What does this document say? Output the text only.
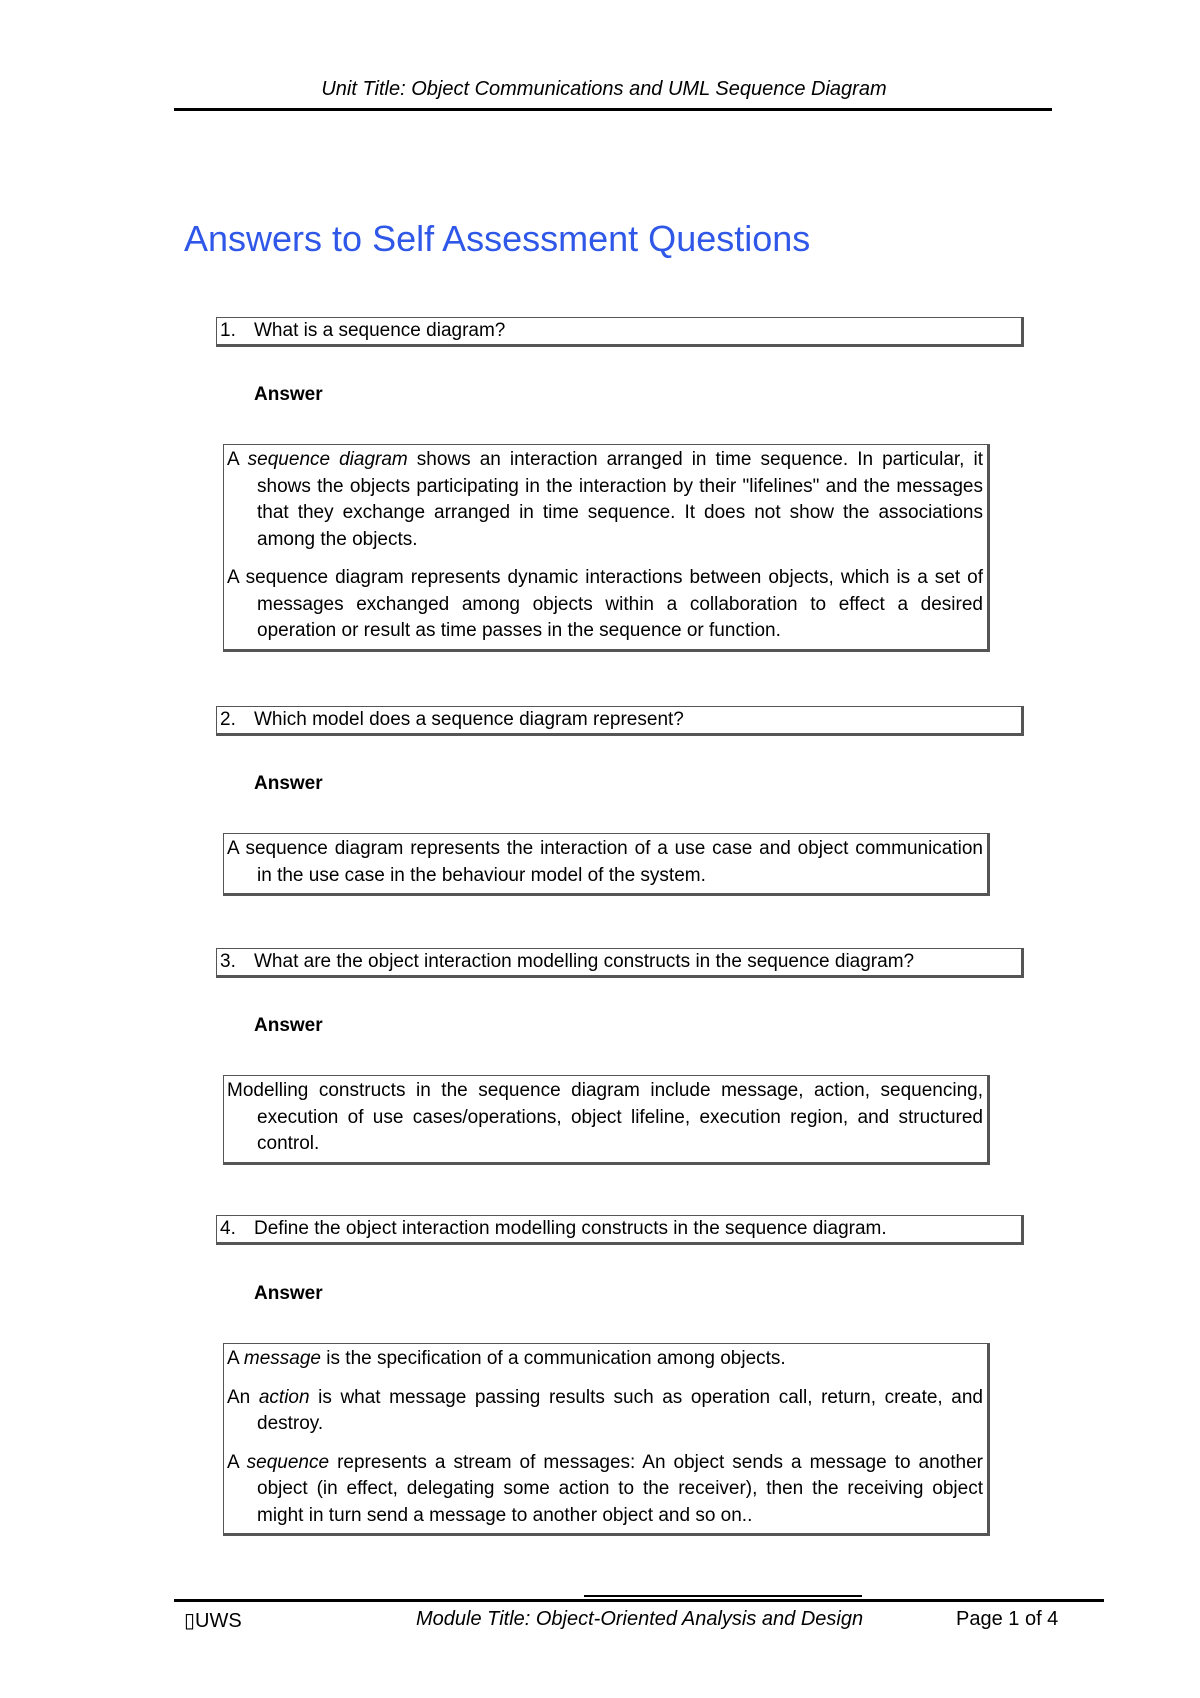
Unit Title: Object Communications and UML Sequence Diagram
Answers to Self Assessment Questions
1. What is a sequence diagram?
Answer

A sequence diagram shows an interaction arranged in time sequence. In particular, it shows the objects participating in the interaction by their "lifelines" and the messages that they exchange arranged in time sequence. It does not show the associations among the objects.

A sequence diagram represents dynamic interactions between objects, which is a set of messages exchanged among objects within a collaboration to effect a desired operation or result as time passes in the sequence or function.

2. Which model does a sequence diagram represent?
Answer

A sequence diagram represents the interaction of a use case and object communication in the use case in the behaviour model of the system.

3. What are the object interaction modelling constructs in the sequence diagram?
Answer

Modelling constructs in the sequence diagram include message, action, sequencing, execution of use cases/operations, object lifeline, execution region, and structured control.

4. Define the object interaction modelling constructs in the sequence diagram.
Answer

A message is the specification of a communication among objects.

An action is what message passing results such as operation call, return, create, and destroy.

A sequence represents a stream of messages: An object sends a message to another object (in effect, delegating some action to the receiver), then the receiving object might in turn send a message to another object and so on..

▯UWS	Module Title: Object-Oriented Analysis and Design	Page 1 of 4
